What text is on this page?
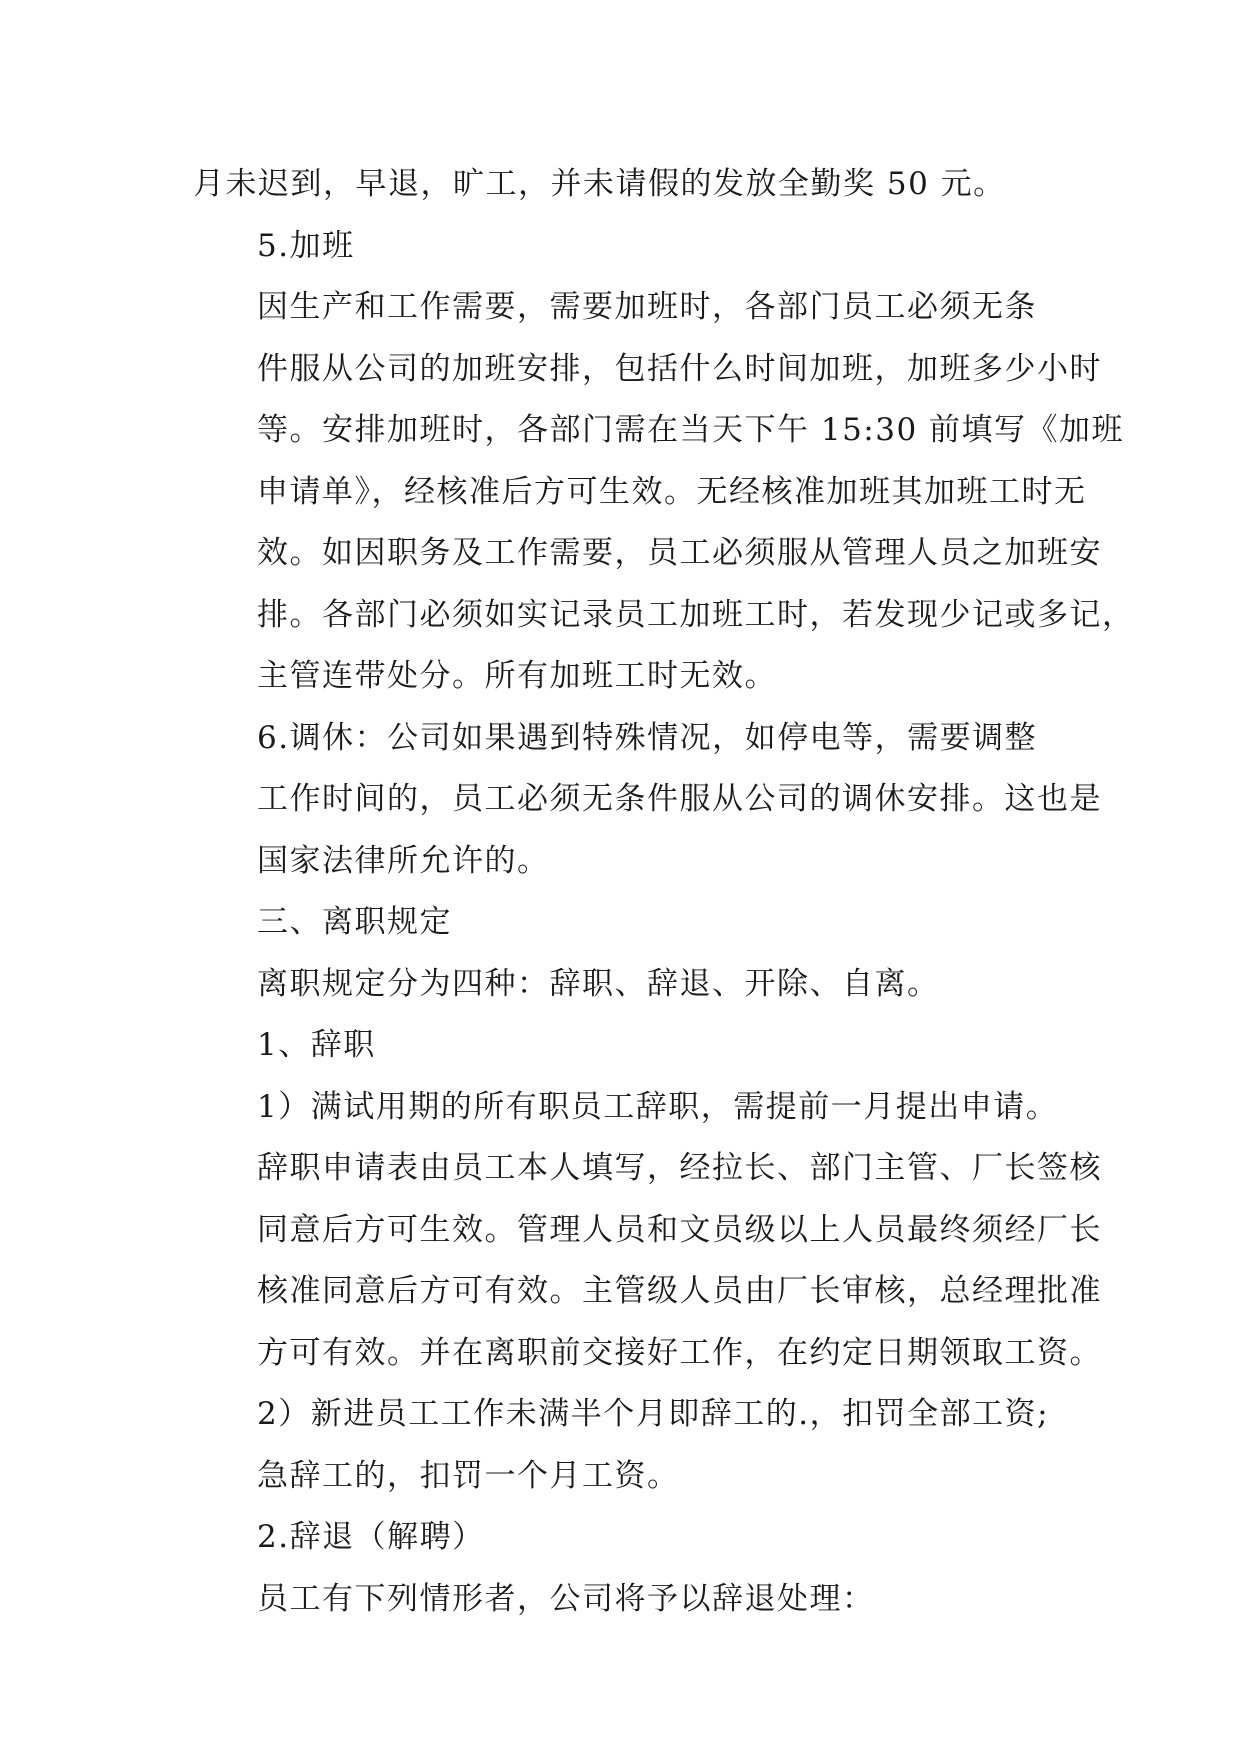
月未迟到，早退，旷工，并未请假的发放全勤奖 50 元。

5.加班

因生产和工作需要，需要加班时，各部门员工必须无条
件服从公司的加班安排，包括什么时间加班，加班多少小时
等。安排加班时，各部门需在当天下午 15:30 前填写《加班
申请单》，经核准后方可生效。无经核准加班其加班工时无
效。如因职务及工作需要，员工必须服从管理人员之加班安
排。各部门必须如实记录员工加班工时，若发现少记或多记，
主管连带处分。所有加班工时无效。

6.调休：公司如果遇到特殊情况，如停电等，需要调整
工作时间的，员工必须无条件服从公司的调休安排。这也是
国家法律所允许的。

三、离职规定

离职规定分为四种：辞职、辞退、开除、自离。

1、辞职

1）满试用期的所有职员工辞职，需提前一月提出申请。
辞职申请表由员工本人填写，经拉长、部门主管、厂长签核
同意后方可生效。管理人员和文员级以上人员最终须经厂长
核准同意后方可有效。主管级人员由厂长审核，总经理批准
方可有效。并在离职前交接好工作，在约定日期领取工资。

2）新进员工工作未满半个月即辞工的.，扣罚全部工资;
急辞工的，扣罚一个月工资。

2.辞退（解聘）

员工有下列情形者，公司将予以辞退处理：
